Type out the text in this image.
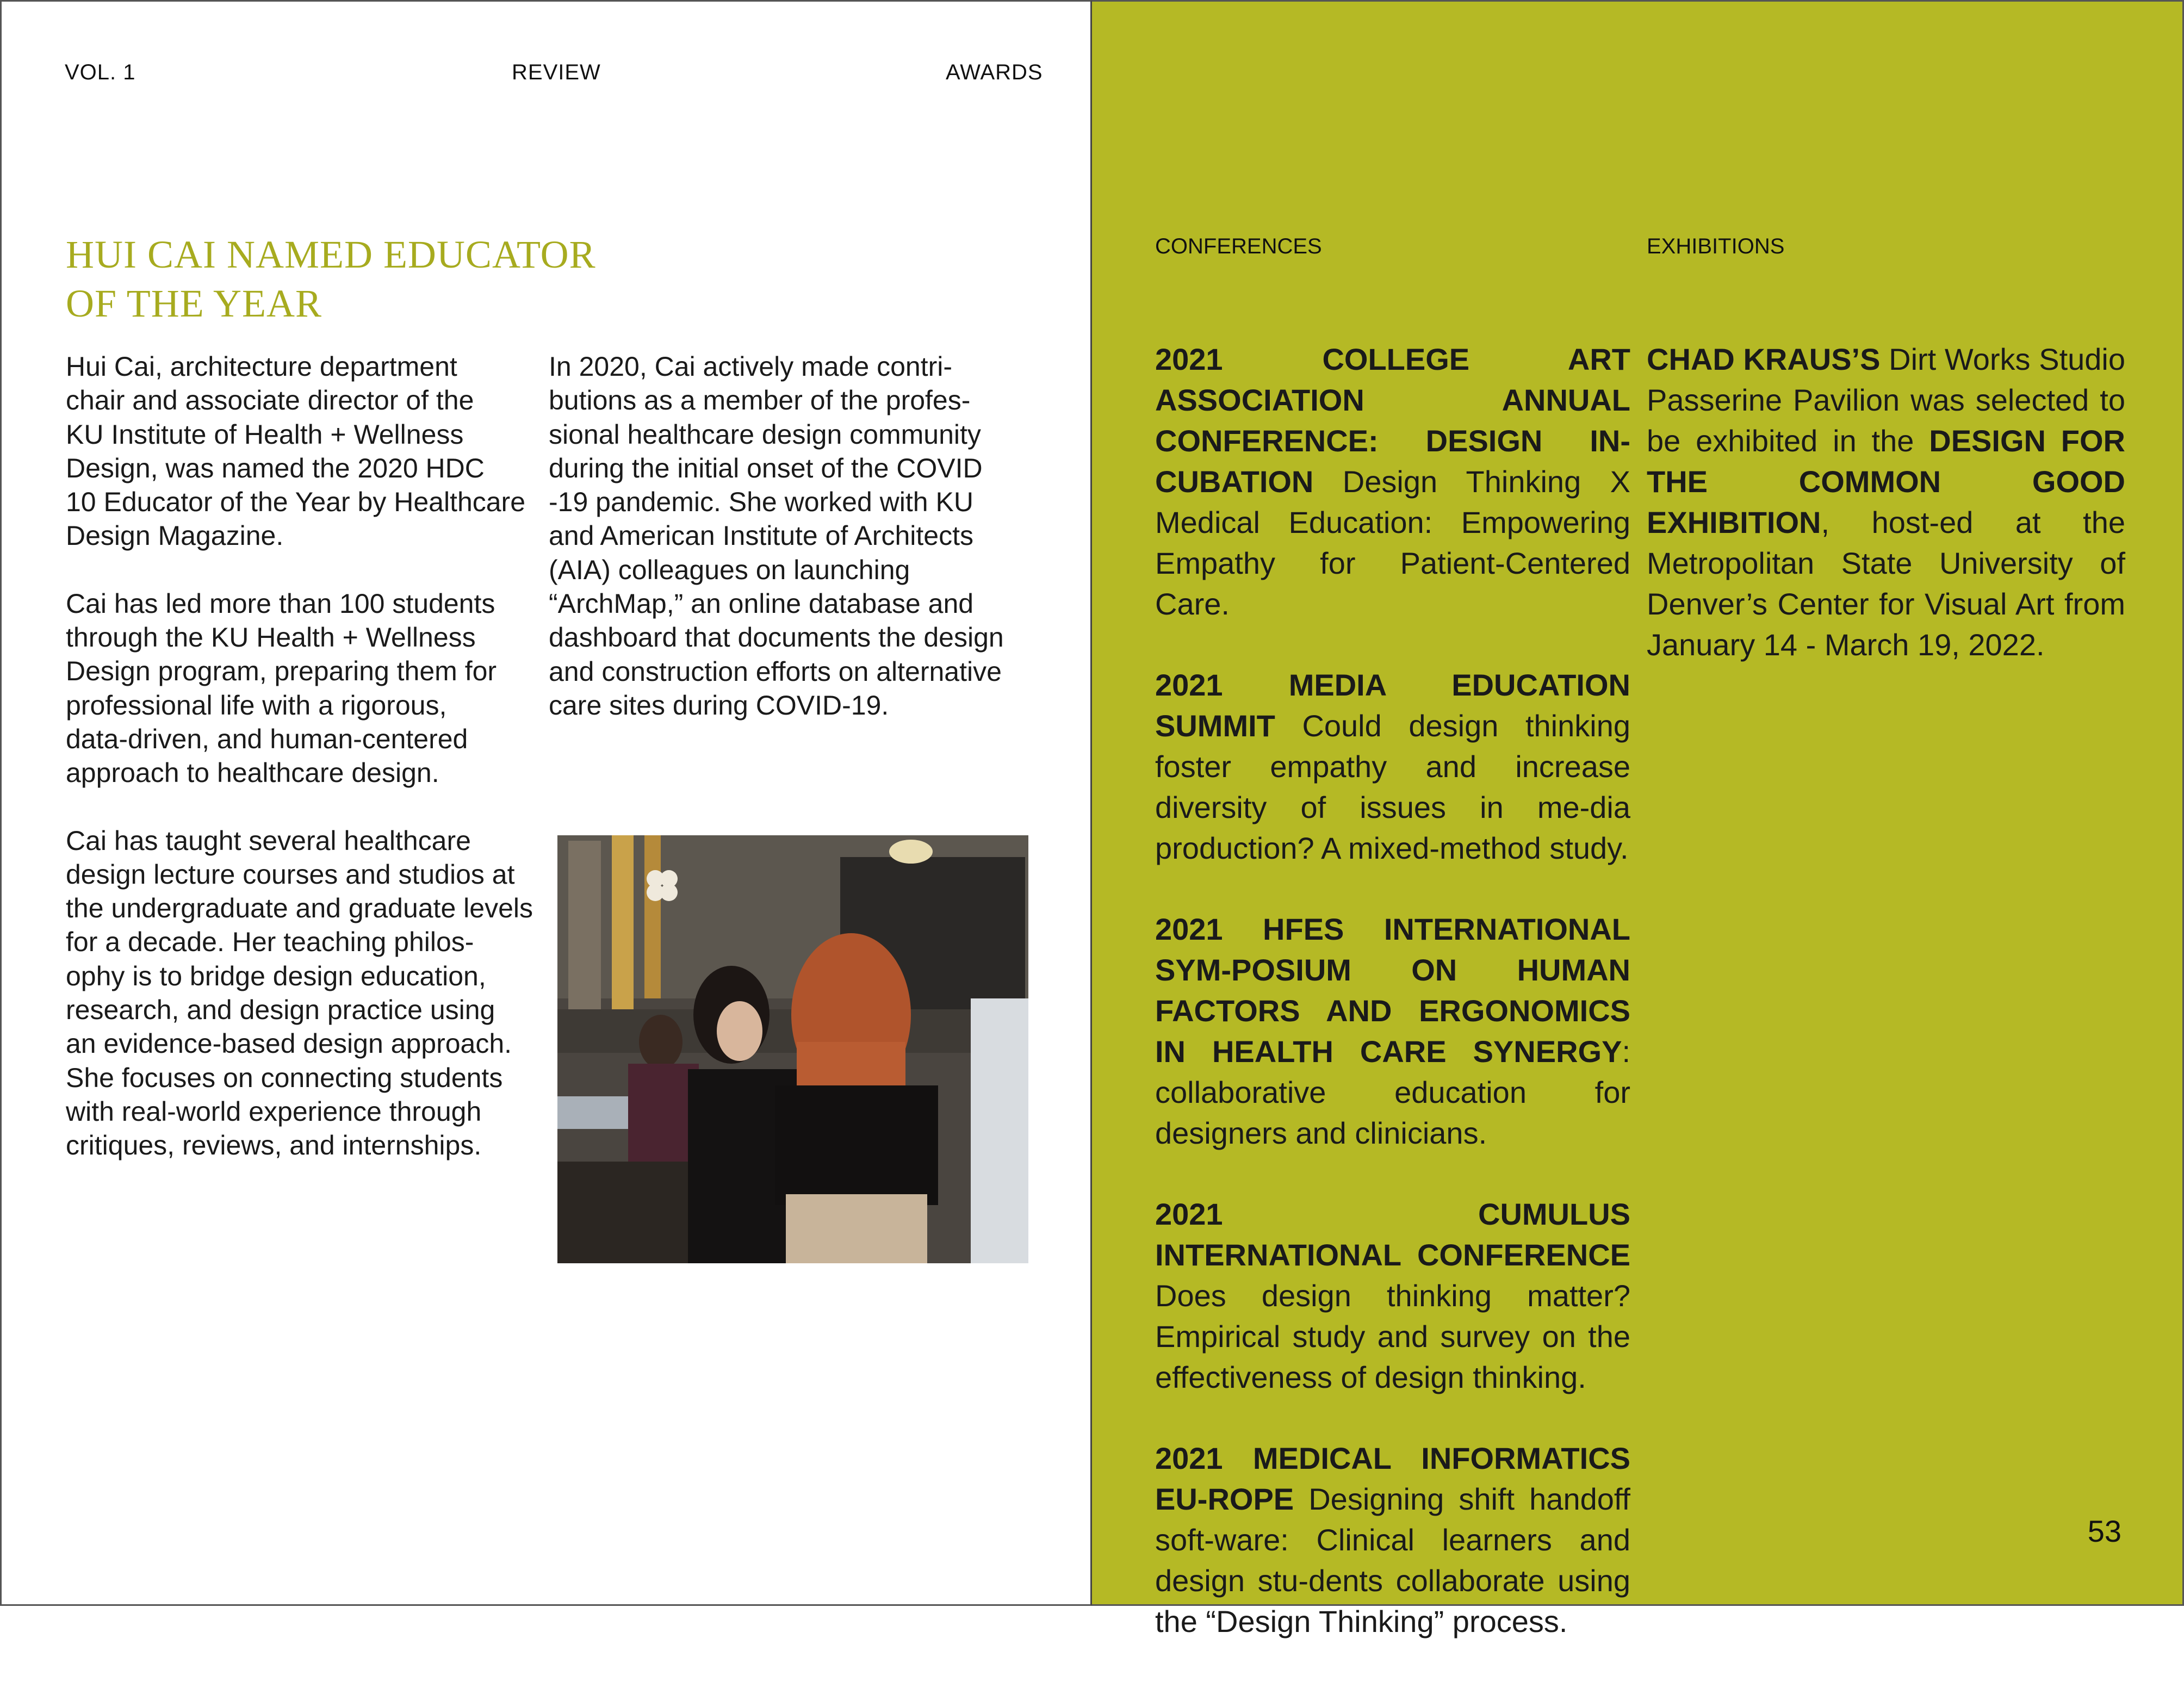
VOL. 1	REVIEW	AWARDS
HUI CAI NAMED EDUCATOR
OF THE YEAR

Hui Cai, architecture department
chair and associate director of the
KU Institute of Health + Wellness
Design, was named the 2020 HDC
10 Educator of the Year by Healthcare
Design Magazine.

Cai has led more than 100 students
through the KU Health + Wellness
Design program, preparing them for
professional life with a rigorous,
data-driven, and human-centered
approach to healthcare design.

Cai has taught several healthcare
design lecture courses and studios at
the undergraduate and graduate levels
for a decade. Her teaching philos-
ophy is to bridge design education,
research, and design practice using
an evidence-based design approach.
She focuses on connecting students
with real-world experience through
critiques, reviews, and internships.

In 2020, Cai actively made contri-
butions as a member of the profes-
sional healthcare design community
during the initial onset of the COVID
-19 pandemic. She worked with KU
and American Institute of Architects
(AIA) colleagues on launching
“ArchMap,” an online database and
dashboard that documents the design
and construction efforts on alternative
care sites during COVID-19.

CONFERENCES	EXHIBITIONS

2021 COLLEGE ART ASSOCIATION ANNUAL CONFERENCE: DESIGN IN-CUBATION Design Thinking X Medical Education: Empowering Empathy for Patient-Centered Care.

2021 MEDIA EDUCATION SUMMIT Could design thinking foster empathy and increase diversity of issues in me-dia production? A mixed-method study.

2021 HFES INTERNATIONAL SYM-POSIUM ON HUMAN FACTORS AND ERGONOMICS IN HEALTH CARE SYNERGY: collaborative education for designers and clinicians.

2021 CUMULUS INTERNATIONAL CONFERENCE Does design thinking matter? Empirical study and survey on the effectiveness of design thinking.

2021 MEDICAL INFORMATICS EU-ROPE Designing shift handoff soft-ware: Clinical learners and design stu-dents collaborate using the “Design Thinking” process.

CHAD KRAUS’S Dirt Works Studio Passerine Pavilion was selected to be exhibited in the DESIGN FOR THE COMMON GOOD EXHIBITION, host-ed at the Metropolitan State University of Denver’s Center for Visual Art from January 14 - March 19, 2022.

53
